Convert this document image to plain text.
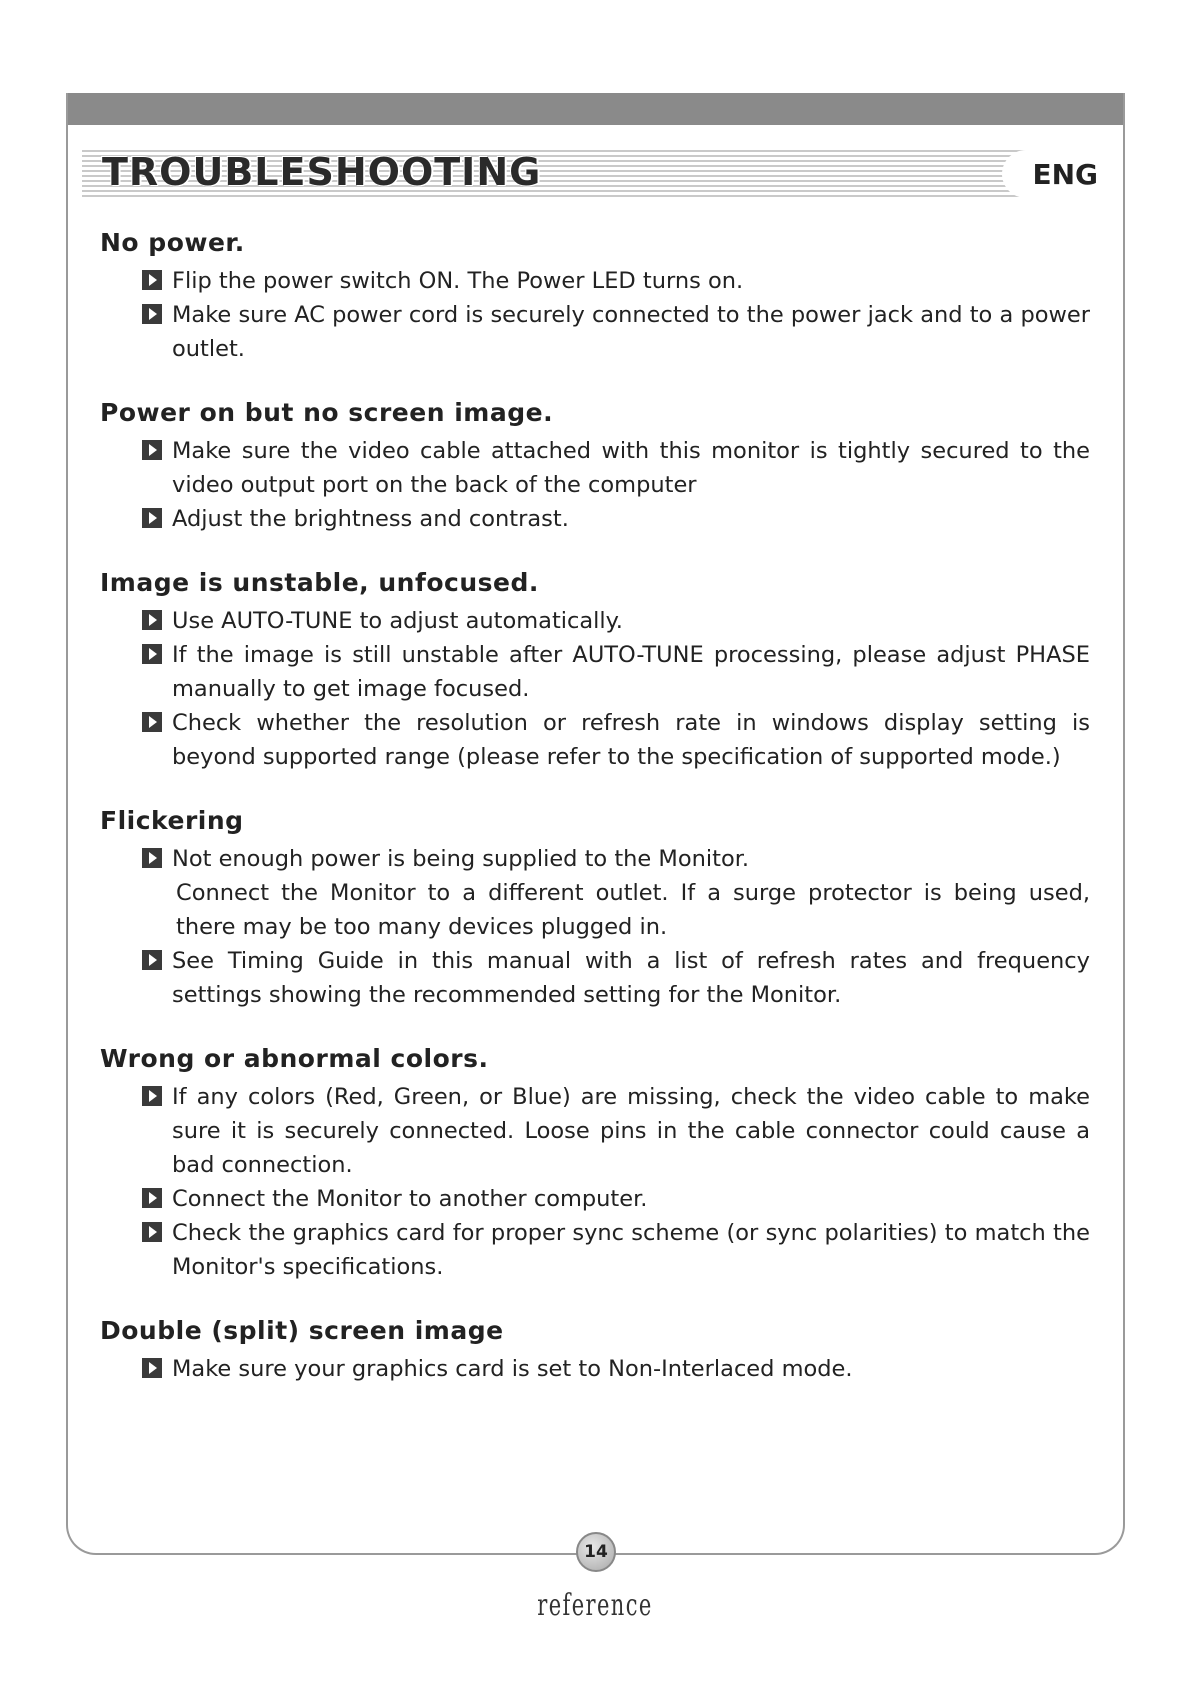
TROUBLESHOOTING	ENG
No power.
Flip the power switch ON. The Power LED turns on.
Make sure AC power cord is securely connected to the power jack and to a power outlet.
Power on but no screen image.
Make sure the video cable attached with this monitor is tightly secured to the video output port on the back of the computer
Adjust the brightness and contrast.
Image is unstable, unfocused.
Use AUTO-TUNE to adjust automatically.
If the image is still unstable after AUTO-TUNE processing, please adjust PHASE manually to get image focused.
Check whether the resolution or refresh rate in windows display setting is beyond supported range (please refer to the specification of supported mode.)
Flickering
Not enough power is being supplied to the Monitor.
Connect the Monitor to a different outlet. If a surge protector is being used, there may be too many devices plugged in.
See Timing Guide in this manual with a list of refresh rates and frequency settings showing the recommended setting for the Monitor.
Wrong or abnormal colors.
If any colors (Red, Green, or Blue) are missing, check the video cable to make sure it is securely connected. Loose pins in the cable connector could cause a bad connection.
Connect the Monitor to another computer.
Check the graphics card for proper sync scheme (or sync polarities) to match the Monitor's specifications.
Double (split) screen image
Make sure your graphics card is set to Non-Interlaced mode.
14
reference
